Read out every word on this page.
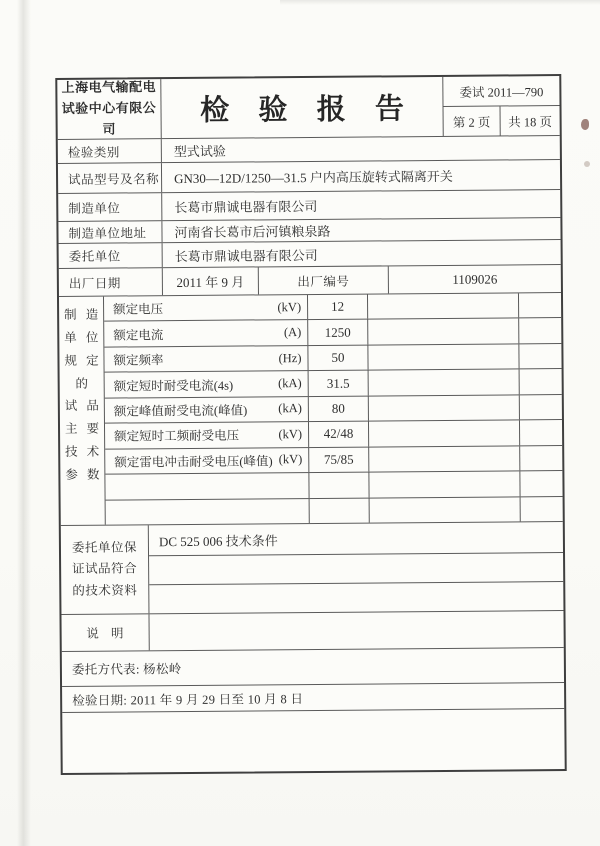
上海电气输配电
试验中心有限公司
检 验 报 告
委试 2011—790
第 2 页	共 18 页
检验类别	型式试验
试品型号及名称	GN30—12D/1250—31.5 户内高压旋转式隔离开关
制造单位	长葛市鼎诚电器有限公司
制造单位地址	河南省长葛市后河镇粮泉路
委托单位	长葛市鼎诚电器有限公司
出厂日期	2011 年 9 月	出厂编号	1109026
制 造
单 位
规 定
的
试 品
主 要
技 术
参 数
额定电压	(kV)	12
额定电流	(A)	1250
额定频率	(Hz)	50
额定短时耐受电流(4s)	(kA)	31.5
额定峰值耐受电流(峰值) (kA)	80
额定短时工频耐受电压	(kV)	42/48
额定雷电冲击耐受电压(峰值) (kV)	75/85
委托单位保
证试品符合
的技术资料
DC 525 006 技术条件
说 明
委托方代表: 杨松岭
检验日期: 2011 年 9 月 29 日至 10 月 8 日
